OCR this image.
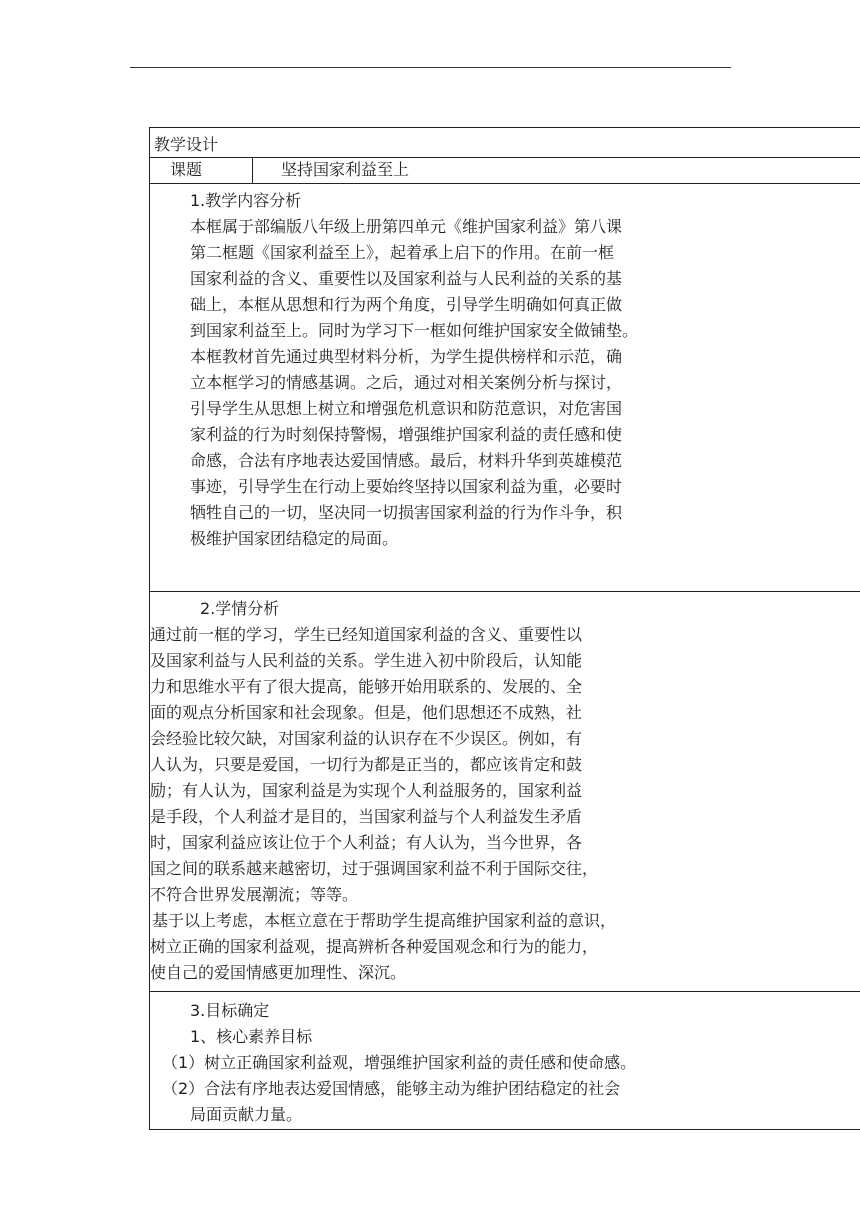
教学设计
课题	坚持国家利益至上
1.教学内容分析
本框属于部编版八年级上册第四单元《维护国家利益》第八课
第二框题《国家利益至上》，起着承上启下的作用。在前一框
国家利益的含义、重要性以及国家利益与人民利益的关系的基
础上，本框从思想和行为两个角度，引导学生明确如何真正做
到国家利益至上。同时为学习下一框如何维护国家安全做铺垫。
本框教材首先通过典型材料分析，为学生提供榜样和示范，确
立本框学习的情感基调。之后，通过对相关案例分析与探讨，
引导学生从思想上树立和增强危机意识和防范意识，对危害国
家利益的行为时刻保持警惕，增强维护国家利益的责任感和使
命感，合法有序地表达爱国情感。最后，材料升华到英雄模范
事迹，引导学生在行动上要始终坚持以国家利益为重，必要时
牺牲自己的一切，坚决同一切损害国家利益的行为作斗争，积
极维护国家团结稳定的局面。
2.学情分析
通过前一框的学习，学生已经知道国家利益的含义、重要性以
及国家利益与人民利益的关系。学生进入初中阶段后，认知能
力和思维水平有了很大提高，能够开始用联系的、发展的、全
面的观点分析国家和社会现象。但是，他们思想还不成熟，社
会经验比较欠缺，对国家利益的认识存在不少误区。例如，有
人认为，只要是爱国，一切行为都是正当的，都应该肯定和鼓
励；有人认为，国家利益是为实现个人利益服务的，国家利益
是手段，个人利益才是目的，当国家利益与个人利益发生矛盾
时，国家利益应该让位于个人利益；有人认为，当今世界，各
国之间的联系越来越密切，过于强调国家利益不利于国际交往，
不符合世界发展潮流；等等。
基于以上考虑，本框立意在于帮助学生提高维护国家利益的意识，
树立正确的国家利益观，提高辨析各种爱国观念和行为的能力，
使自己的爱国情感更加理性、深沉。
3.目标确定
1、核心素养目标
（1）树立正确国家利益观，增强维护国家利益的责任感和使命感。
（2）合法有序地表达爱国情感，能够主动为维护团结稳定的社会
局面贡献力量。
